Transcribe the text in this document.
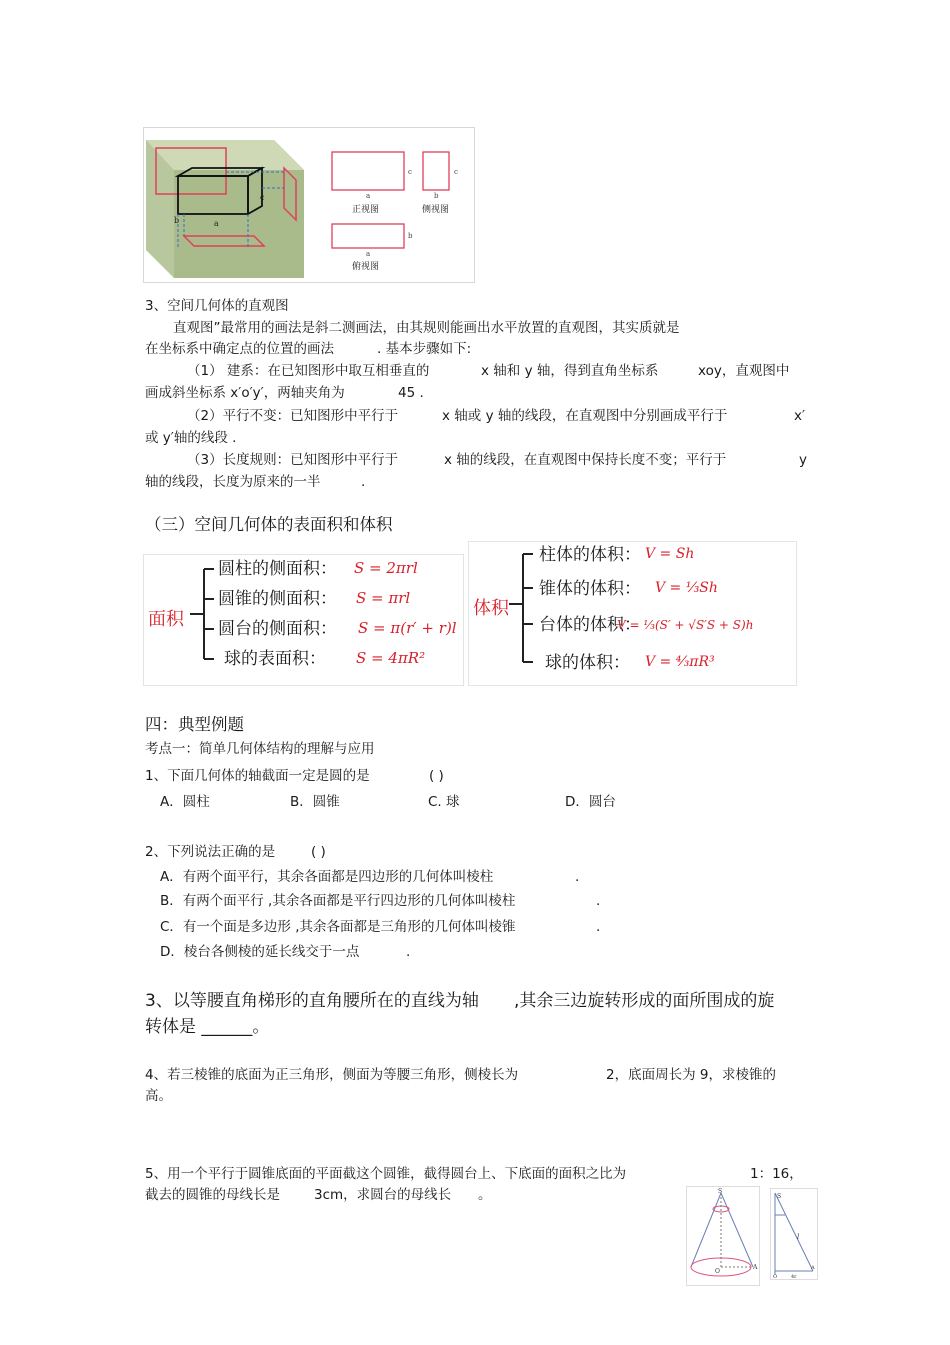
b	a
c	a
c
正视图
b
c
侧视图
a
b
俯视图
3、空间几何体的直观图
直观图”最常用的画法是斜二测画法，由其规则能画出水平放置的直观图，其实质就是
在坐标系中确定点的位置的画法	. 基本步骤如下:
（1） 建系：在已知图形中取互相垂直的	x 轴和 y 轴，得到直角坐标系	xoy，直观图中
画成斜坐标系 x′o′y′，两轴夹角为	45 .
（2）平行不变：已知图形中平行于	x 轴或 y 轴的线段，在直观图中分别画成平行于	x′
或 y′轴的线段 .
（3）长度规则：已知图形中平行于	x 轴的线段，在直观图中保持长度不变；平行于	y
轴的线段，长度为原来的一半	.
（三）空间几何体的表面积和体积
面积
圆柱的侧面积： S = 2πrl
圆锥的侧面积： S = πrl
圆台的侧面积： S = π(r′ + r)l
球的表面积： S = 4πR²
体积
柱体的体积： V = Sh
锥体的体积： V = ⅓Sh
台体的体积：
V = ⅓(S′ + √S′S + S)h
球的体积： V = ⁴⁄₃πR³
四：典型例题
考点一：简单几何体结构的理解与应用
1、下面几何体的轴截面一定是圆的是	( )
A．圆柱	B．圆锥	C. 球	D．圆台
2、下列说法正确的是	( )
A．有两个面平行，其余各面都是四边形的几何体叫棱柱	.
B．有两个面平行 ,其余各面都是平行四边形的几何体叫棱柱	.
C．有一个面是多边形 ,其余各面都是三角形的几何体叫棱锥	.
D．棱台各侧棱的延长线交于一点	.
3、以等腰直角梯形的直角腰所在的直线为轴 ,其余三边旋转形成的面所围成的旋
转体是 ______。
4、若三棱锥的底面为正三角形，侧面为等腰三角形，侧棱长为	2，底面周长为 9，求棱锥的
高。
5、用一个平行于圆锥底面的平面截这个圆锥，截得圆台上、下底面的面积之比为	1：16，
截去的圆锥的母线长是	3cm，求圆台的母线长 。	S
O
A
S
l
4r
O
A
